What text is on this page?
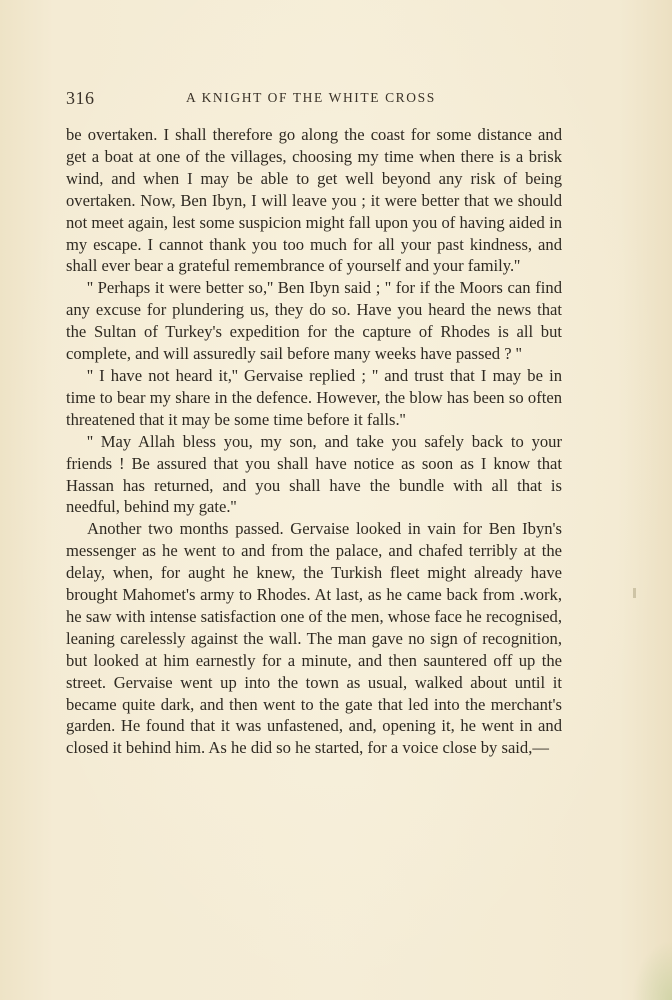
316	A KNIGHT OF THE WHITE CROSS

be overtaken. I shall therefore go along the coast for some distance and get a boat at one of the villages, choosing my time when there is a brisk wind, and when I may be able to get well beyond any risk of being overtaken. Now, Ben Ibyn, I will leave you ; it were better that we should not meet again, lest some suspicion might fall upon you of having aided in my escape. I cannot thank you too much for all your past kindness, and shall ever bear a grateful remembrance of yourself and your family.''

'' Perhaps it were better so,'' Ben Ibyn said ; '' for if the Moors can find any excuse for plundering us, they do so. Have you heard the news that the Sultan of Turkey's expedition for the capture of Rhodes is all but complete, and will assuredly sail before many weeks have passed ? ''

'' I have not heard it,'' Gervaise replied ; '' and trust that I may be in time to bear my share in the defence. However, the blow has been so often threatened that it may be some time before it falls.''

'' May Allah bless you, my son, and take you safely back to your friends ! Be assured that you shall have notice as soon as I know that Hassan has returned, and you shall have the bundle with all that is needful, behind my gate.''

Another two months passed. Gervaise looked in vain for Ben Ibyn's messenger as he went to and from the palace, and chafed terribly at the delay, when, for aught he knew, the Turkish fleet might already have brought Mahomet's army to Rhodes. At last, as he came back from .work, he saw with intense satisfaction one of the men, whose face he recognised, leaning carelessly against the wall. The man gave no sign of recognition, but looked at him earnestly for a minute, and then sauntered off up the street. Gervaise went up into the town as usual, walked about until it became quite dark, and then went to the gate that led into the merchant's garden. He found that it was unfastened, and, opening it, he went in and closed it behind him. As he did so he started, for a voice close by said,—
